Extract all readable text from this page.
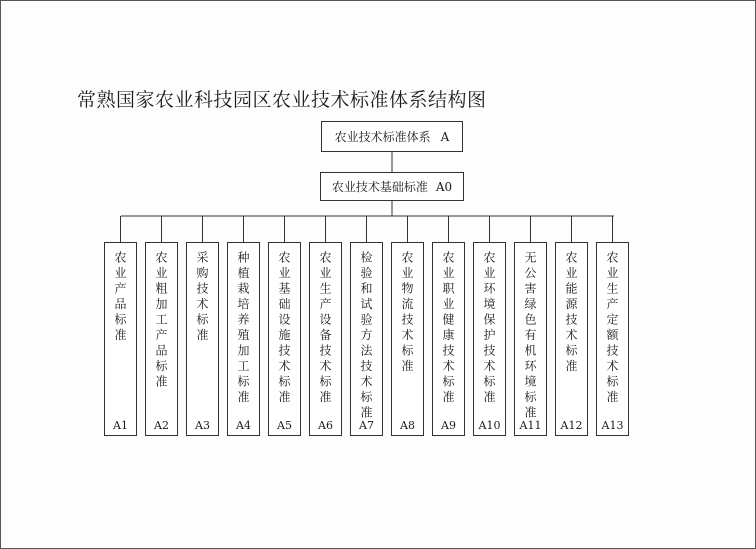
常熟国家农业科技园区农业技术标准体系结构图
农业技术标准体系 A
农业技术基础标准 A0
农业产品标准
A1
农业粗加工产品标准
A2
采购技术标准
A3
种植栽培养殖加工标准
A4
农业基础设施技术标准
A5
农业生产设备技术标准
A6
检验和试验方法技术标准
A7
农业物流技术标准
A8
农业职业健康技术标准
A9
农业环境保护技术标准
A10
无公害绿色有机环境标准
A11
农业能源技术标准
A12
农业生产定额技术标准
A13
